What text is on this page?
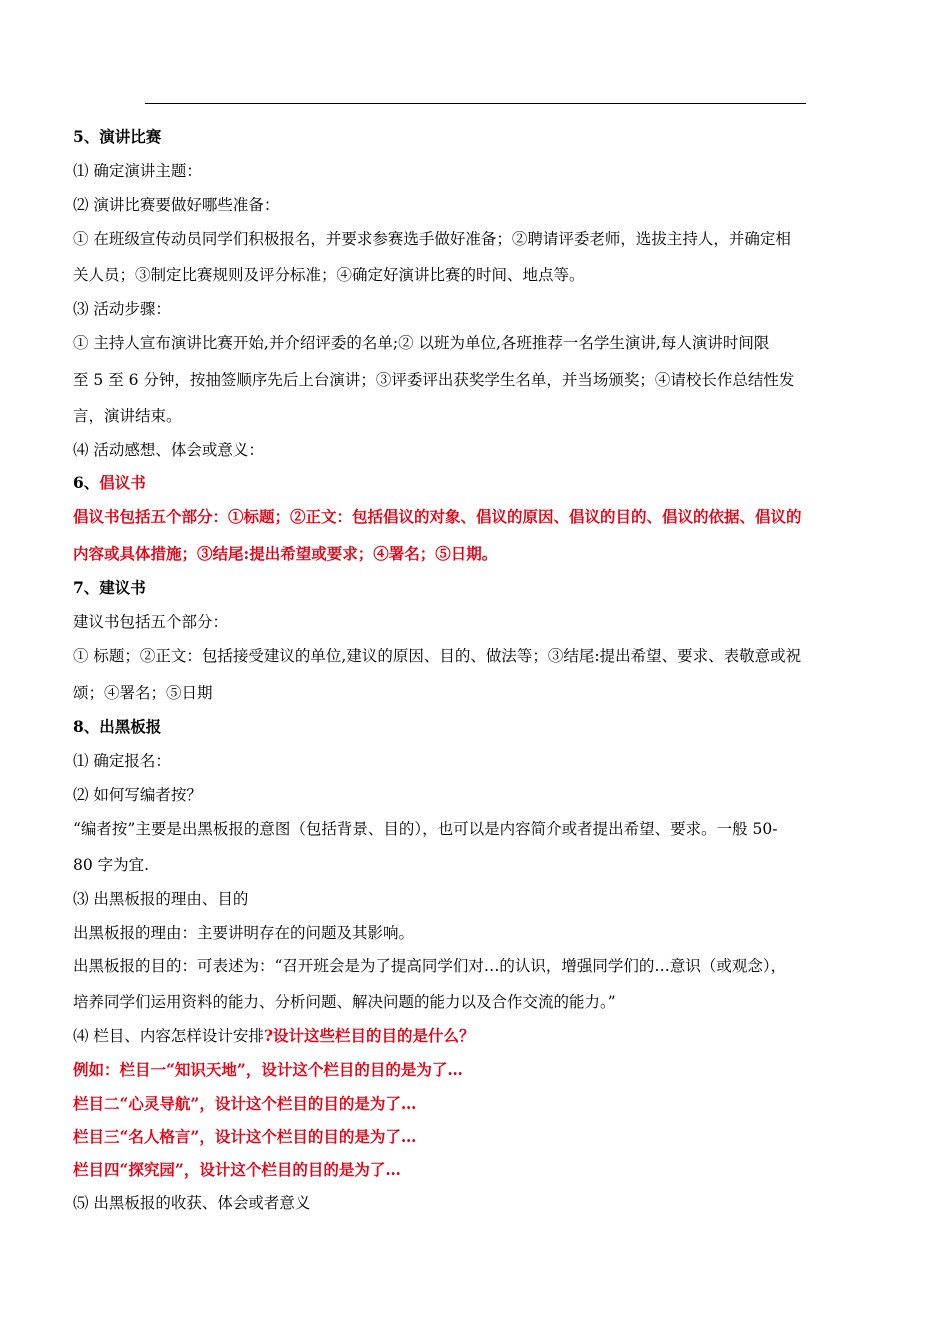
5、演讲比赛
⑴ 确定演讲主题：
⑵ 演讲比赛要做好哪些准备：
① 在班级宣传动员同学们积极报名，并要求参赛选手做好准备；②聘请评委老师，选拔主持人，并确定相
关人员；③制定比赛规则及评分标准；④确定好演讲比赛的时间、地点等。
⑶ 活动步骤：
① 主持人宣布演讲比赛开始,并介绍评委的名单;② 以班为单位,各班推荐一名学生演讲,每人演讲时间限
至 5 至 6 分钟，按抽签顺序先后上台演讲；③评委评出获奖学生名单，并当场颁奖；④请校长作总结性发
言，演讲结束。
⑷ 活动感想、体会或意义：
6、倡议书
倡议书包括五个部分：①标题；②正文：包括倡议的对象、倡议的原因、倡议的目的、倡议的依据、倡议的
内容或具体措施；③结尾:提出希望或要求；④署名；⑤日期。
7、建议书
建议书包括五个部分：
① 标题；②正文：包括接受建议的单位,建议的原因、目的、做法等；③结尾:提出希望、要求、表敬意或祝
颂；④署名；⑤日期
8、出黑板报
⑴ 确定报名：
⑵ 如何写编者按？
“编者按”主要是出黑板报的意图（包括背景、目的），也可以是内容简介或者提出希望、要求。一般 50-
80 字为宜.
⑶ 出黑板报的理由、目的
出黑板报的理由：主要讲明存在的问题及其影响。
出黑板报的目的：可表述为：“召开班会是为了提高同学们对…的认识，增强同学们的…意识（或观念），
培养同学们运用资料的能力、分析问题、解决问题的能力以及合作交流的能力。”
⑷ 栏目、内容怎样设计安排?设计这些栏目的目的是什么？
例如：栏目一“知识天地”，设计这个栏目的目的是为了…
栏目二“心灵导航”，设计这个栏目的目的是为了…
栏目三“名人格言”，设计这个栏目的目的是为了…
栏目四“探究园”，设计这个栏目的目的是为了…
⑸ 出黑板报的收获、体会或者意义
